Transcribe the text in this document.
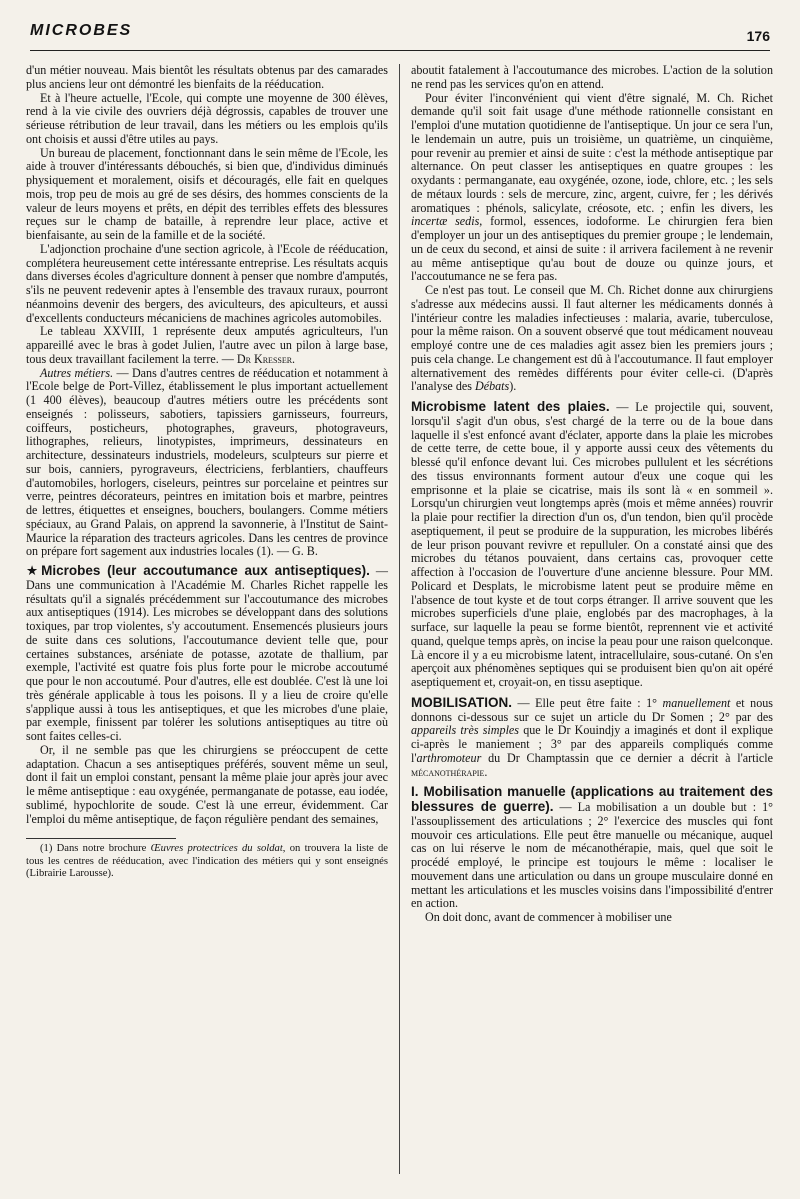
MICROBES	176

d'un métier nouveau. Mais bientôt les résultats obtenus par des camarades plus anciens leur ont démontré les bienfaits de la rééducation.

Et à l'heure actuelle, l'Ecole, qui compte une moyenne de 300 élèves, rend à la vie civile des ouvriers déjà dégrossis, capables de trouver une sérieuse rétribution de leur travail, dans les métiers ou les emplois qu'ils ont choisis et aussi d'être utiles au pays.

Un bureau de placement, fonctionnant dans le sein même de l'Ecole, les aide à trouver d'intéressants débouchés, si bien que, d'individus diminués physiquement et moralement, oisifs et découragés, elle fait en quelques mois, trop peu de mois au gré de ses désirs, des hommes conscients de la valeur de leurs moyens et prêts, en dépit des terribles effets des blessures reçues sur le champ de bataille, à reprendre leur place, active et bienfaisante, au sein de la famille et de la société.

L'adjonction prochaine d'une section agricole, à l'Ecole de rééducation, complétera heureusement cette intéressante entreprise. Les résultats acquis dans diverses écoles d'agriculture donnent à penser que nombre d'amputés, s'ils ne peuvent redevenir aptes à l'ensemble des travaux ruraux, pourront néanmoins devenir des bergers, des aviculteurs, des apiculteurs, et aussi d'excellents conducteurs mécaniciens de machines agricoles automobiles.

Le tableau XXVIII, 1 représente deux amputés agriculteurs, l'un appareillé avec le bras à godet Julien, l'autre avec un pilon à large base, tous deux travaillant facilement la terre. — Dr Kresser.

Autres métiers. — Dans d'autres centres de rééducation et notamment à l'Ecole belge de Port-Villez, établissement le plus important actuellement (1 400 élèves), beaucoup d'autres métiers outre les précédents sont enseignés : polisseurs, sabotiers, tapissiers garnisseurs, fourreurs, coiffeurs, posticheurs, photographes, graveurs, photograveurs, lithographes, relieurs, linotypistes, imprimeurs, dessinateurs en architecture, dessinateurs industriels, modeleurs, sculpteurs sur pierre et sur bois, canniers, pyrograveurs, électriciens, ferblantiers, chauffeurs d'automobiles, horlogers, ciseleurs, peintres sur porcelaine et peintres sur verre, peintres décorateurs, peintres en imitation bois et marbre, peintres de lettres, étiquettes et enseignes, bouchers, boulangers. Comme métiers spéciaux, au Grand Palais, on apprend la savonnerie, à l'Institut de Saint-Maurice la réparation des tracteurs agricoles. Dans les centres de province on prépare fort sagement aux industries locales (1). — G. B.

★Microbes (leur accoutumance aux antiseptiques). — Dans une communication à l'Académie M. Charles Richet rappelle les résultats qu'il a signalés précédemment sur l'accoutumance des microbes aux antiseptiques (1914). Les microbes se développant dans des solutions toxiques, par trop violentes, s'y accoutument. Ensemencés plusieurs jours de suite dans ces solutions, l'accoutumance devient telle que, pour certaines substances, arséniate de potasse, azotate de thallium, par exemple, l'activité est quatre fois plus forte pour le microbe accoutumé que pour le non accoutumé. Pour d'autres, elle est doublée. C'est là une loi très générale applicable à tous les poisons. Il y a lieu de croire qu'elle s'applique aussi à tous les antiseptiques, et que les microbes d'une plaie, par exemple, finissent par tolérer les solutions antiseptiques au titre où sont faites celles-ci.

Or, il ne semble pas que les chirurgiens se préoccupent de cette adaptation. Chacun a ses antiseptiques préférés, souvent même un seul, dont il fait un emploi constant, pensant la même plaie jour après jour avec le même antiseptique : eau oxygénée, permanganate de potasse, eau iodée, sublimé, hypochlorite de soude. C'est là une erreur, évidemment. Car l'emploi du même antiseptique, de façon régulière pendant des semaines,

(1) Dans notre brochure Œuvres protectrices du soldat, on trouvera la liste de tous les centres de rééducation, avec l'indication des métiers qui y sont enseignés (Librairie Larousse).

aboutit fatalement à l'accoutumance des microbes. L'action de la solution ne rend pas les services qu'on en attend.

Pour éviter l'inconvénient qui vient d'être signalé, M. Ch. Richet demande qu'il soit fait usage d'une méthode rationnelle consistant en l'emploi d'une mutation quotidienne de l'antiseptique. Un jour ce sera l'un, le lendemain un autre, puis un troisième, un quatrième, un cinquième, pour revenir au premier et ainsi de suite : c'est la méthode antiseptique par alternance. On peut classer les antiseptiques en quatre groupes : les oxydants : permanganate, eau oxygénée, ozone, iode, chlore, etc. ; les sels de métaux lourds : sels de mercure, zinc, argent, cuivre, fer ; les dérivés aromatiques : phénols, salicylate, créosote, etc. ; enfin les divers, les incertæ sedis, formol, essences, iodoforme. Le chirurgien fera bien d'employer un jour un des antiseptiques du premier groupe ; le lendemain, un de ceux du second, et ainsi de suite : il arrivera facilement à ne revenir au même antiseptique qu'au bout de douze ou quinze jours, et l'accoutumance ne se fera pas.

Ce n'est pas tout. Le conseil que M. Ch. Richet donne aux chirurgiens s'adresse aux médecins aussi. Il faut alterner les médicaments donnés à l'intérieur contre les maladies infectieuses : malaria, avarie, tuberculose, pour la même raison. On a souvent observé que tout médicament nouveau employé contre une de ces maladies agit assez bien les premiers jours ; puis cela change. Le changement est dû à l'accoutumance. Il faut employer alternativement des remèdes différents pour éviter celle-ci. (D'après l'analyse des Débats).

Microbisme latent des plaies. — Le projectile qui, souvent, lorsqu'il s'agit d'un obus, s'est chargé de la terre ou de la boue dans laquelle il s'est enfoncé avant d'éclater, apporte dans la plaie les microbes de cette terre, de cette boue, il y apporte aussi ceux des vêtements du blessé qu'il enfonce devant lui. Ces microbes pullulent et les sécrétions des tissus environnants forment autour d'eux une coque qui les emprisonne et la plaie se cicatrise, mais ils sont là « en sommeil ». Lorsqu'un chirurgien veut longtemps après (mois et même années) rouvrir la plaie pour rectifier la direction d'un os, d'un tendon, bien qu'il procède aseptiquement, il peut se produire de la suppuration, les microbes libérés de leur prison pouvant revivre et repulluler. On a constaté ainsi que des microbes du tétanos pouvaient, dans certains cas, provoquer cette affection à l'occasion de l'ouverture d'une ancienne blessure. Pour MM. Policard et Desplats, le microbisme latent peut se produire même en l'absence de tout kyste et de tout corps étranger. Il arrive souvent que les microbes superficiels d'une plaie, englobés par des macrophages, à la surface, sur laquelle la peau se forme bientôt, reprennent vie et activité quand, quelque temps après, on incise la peau pour une raison quelconque. Là encore il y a eu microbisme latent, intracellulaire, sous-cutané. On s'en aperçoit aux phénomènes septiques qui se produisent bien qu'on ait opéré aseptiquement et, croyait-on, en tissu aseptique.

MOBILISATION. — Elle peut être faite : 1° manuellement et nous donnons ci-dessous sur ce sujet un article du Dr Somen ; 2° par des appareils très simples que le Dr Kouindjy a imaginés et dont il explique ci-après le maniement ; 3° par des appareils compliqués comme l'arthromoteur du Dr Champtassin que ce dernier a décrit à l'article mécanothérapie.

I. Mobilisation manuelle (applications au traitement des blessures de guerre). — La mobilisation a un double but : 1° l'assouplissement des articulations ; 2° l'exercice des muscles qui font mouvoir ces articulations. Elle peut être manuelle ou mécanique, auquel cas on lui réserve le nom de mécanothérapie, mais, quel que soit le procédé employé, le principe est toujours le même : localiser le mouvement dans une articulation ou dans un groupe musculaire donné en mettant les articulations et les muscles voisins dans l'impossibilité d'entrer en action.

On doit donc, avant de commencer à mobiliser une
